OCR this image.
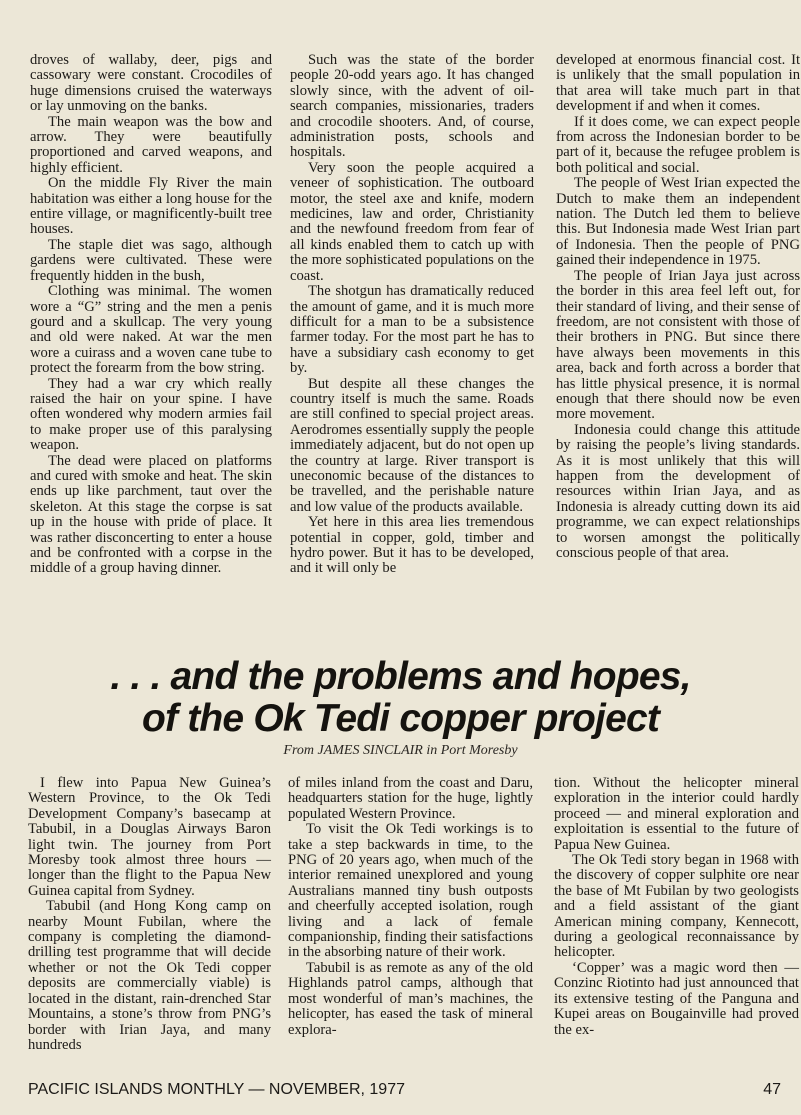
droves of wallaby, deer, pigs and cassowary were constant. Crocodiles of huge dimensions cruised the waterways or lay unmoving on the banks.

The main weapon was the bow and arrow. They were beautifully proportioned and carved weapons, and highly efficient.

On the middle Fly River the main habitation was either a long house for the entire village, or magnificently-built tree houses.

The staple diet was sago, although gardens were cultivated. These were frequently hidden in the bush,

Clothing was minimal. The women wore a “G” string and the men a penis gourd and a skullcap. The very young and old were naked. At war the men wore a cuirass and a woven cane tube to protect the forearm from the bow string.

They had a war cry which really raised the hair on your spine. I have often wondered why modern armies fail to make proper use of this paralysing weapon.

The dead were placed on platforms and cured with smoke and heat. The skin ends up like parchment, taut over the skeleton. At this stage the corpse is sat up in the house with pride of place. It was rather disconcerting to enter a house and be confronted with a corpse in the middle of a group having dinner.

Such was the state of the border people 20-odd years ago. It has changed slowly since, with the advent of oil-search companies, missionaries, traders and crocodile shooters. And, of course, administration posts, schools and hospitals.

Very soon the people acquired a veneer of sophistication. The outboard motor, the steel axe and knife, modern medicines, law and order, Christianity and the newfound freedom from fear of all kinds enabled them to catch up with the more sophisticated populations on the coast.

The shotgun has dramatically reduced the amount of game, and it is much more difficult for a man to be a subsistence farmer today. For the most part he has to have a subsidiary cash economy to get by.

But despite all these changes the country itself is much the same. Roads are still confined to special project areas. Aerodromes essentially supply the people immediately adjacent, but do not open up the country at large. River transport is uneconomic because of the distances to be travelled, and the perishable nature and low value of the products available.

Yet here in this area lies tremendous potential in copper, gold, timber and hydro power. But it has to be developed, and it will only be

developed at enormous financial cost. It is unlikely that the small population in that area will take much part in that development if and when it comes.

If it does come, we can expect people from across the Indonesian border to be part of it, because the refugee problem is both political and social.

The people of West Irian expected the Dutch to make them an independent nation. The Dutch led them to believe this. But Indonesia made West Irian part of Indonesia. Then the people of PNG gained their independence in 1975.

The people of Irian Jaya just across the border in this area feel left out, for their standard of living, and their sense of freedom, are not consistent with those of their brothers in PNG. But since there have always been movements in this area, back and forth across a border that has little physical presence, it is normal enough that there should now be even more movement.

Indonesia could change this attitude by raising the people’s living standards. As it is most unlikely that this will happen from the development of resources within Irian Jaya, and as Indonesia is already cutting down its aid programme, we can expect relationships to worsen amongst the politically conscious people of that area.

. . . and the problems and hopes,
of the Ok Tedi copper project
From JAMES SINCLAIR in Port Moresby

I flew into Papua New Guinea’s Western Province, to the Ok Tedi Development Company’s basecamp at Tabubil, in a Douglas Airways Baron light twin. The journey from Port Moresby took almost three hours — longer than the flight to the Papua New Guinea capital from Sydney.

Tabubil (and Hong Kong camp on nearby Mount Fubilan, where the company is completing the diamond-drilling test programme that will decide whether or not the Ok Tedi copper deposits are commercially viable) is located in the distant, rain-drenched Star Mountains, a stone’s throw from PNG’s border with Irian Jaya, and many hundreds

of miles inland from the coast and Daru, headquarters station for the huge, lightly populated Western Province.

To visit the Ok Tedi workings is to take a step backwards in time, to the PNG of 20 years ago, when much of the interior remained unexplored and young Australians manned tiny bush outposts and cheerfully accepted isolation, rough living and a lack of female companionship, finding their satisfactions in the absorbing nature of their work.

Tabubil is as remote as any of the old Highlands patrol camps, although that most wonderful of man’s machines, the helicopter, has eased the task of mineral explora-

tion. Without the helicopter mineral exploration in the interior could hardly proceed — and mineral exploration and exploitation is essential to the future of Papua New Guinea.

The Ok Tedi story began in 1968 with the discovery of copper sulphite ore near the base of Mt Fubilan by two geologists and a field assistant of the giant American mining company, Kennecott, during a geological reconnaissance by helicopter.

‘Copper’ was a magic word then — Conzinc Riotinto had just announced that its extensive testing of the Panguna and Kupei areas on Bougainville had proved the ex-

PACIFIC ISLANDS MONTHLY — NOVEMBER, 1977	47
